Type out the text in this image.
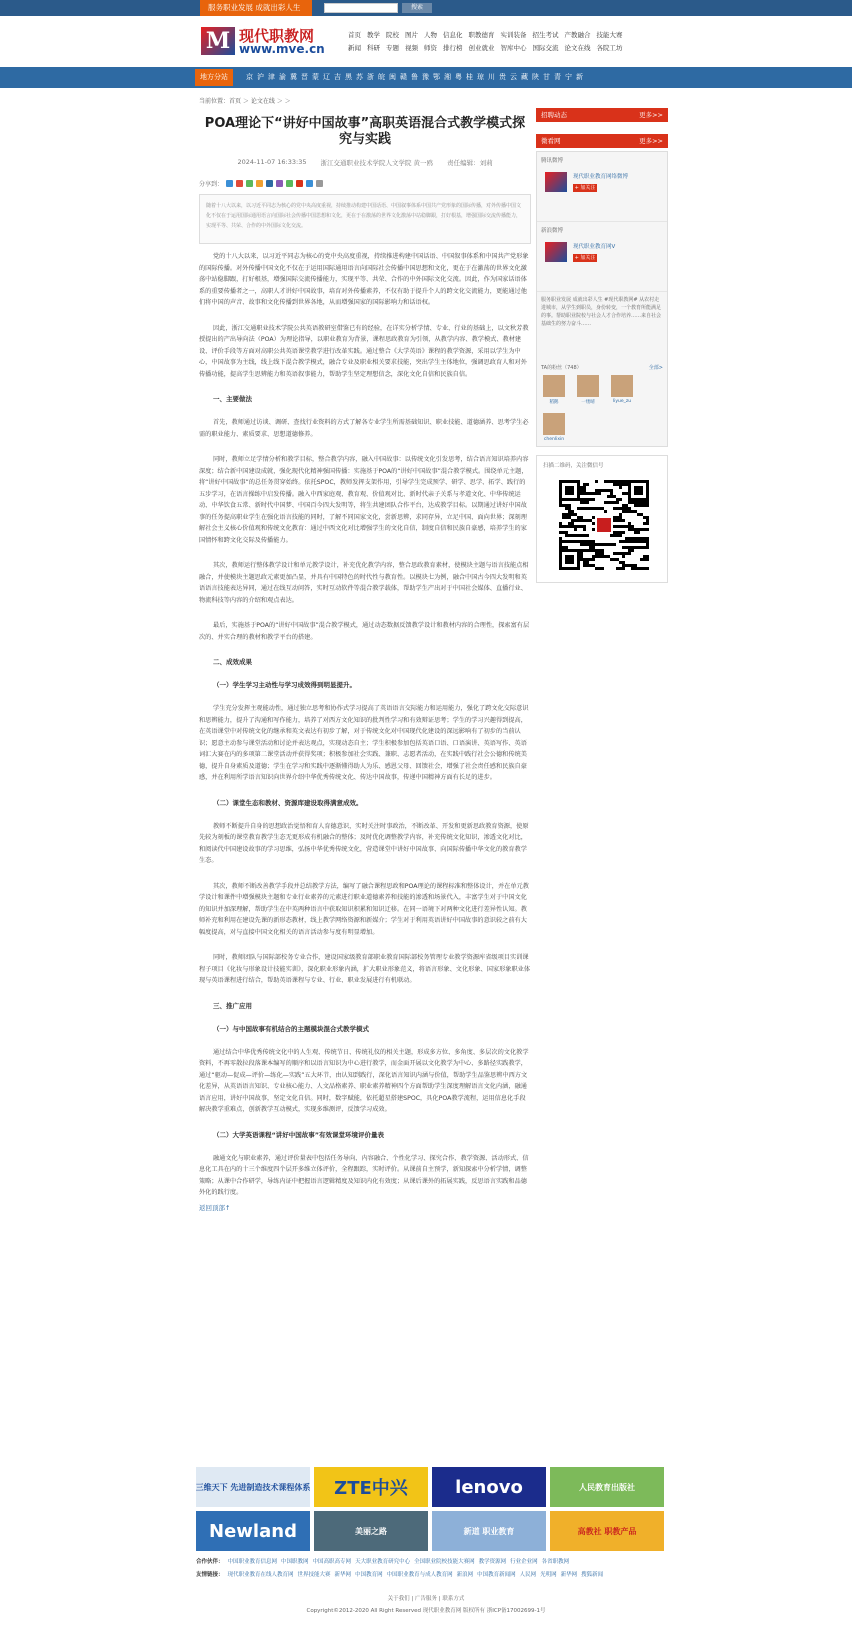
服务职业发展 成就出彩人生	搜索
M 现代职教网
www.mve.cn
首页 教学 院校 图片 人物 信息化 职教德育 实训装备 招生考试 产教融合 技能大赛
新闻 科研 专题 视频 师资 排行榜 创业就业 智库中心 国际交流 论文在线 各院工坊
地方分站	京 沪 津 渝 冀 晋 蒙 辽 吉 黑 苏 浙 皖 闽 赣 鲁 豫 鄂 湘 粤 桂 琼 川 贵 云 藏 陕 甘 青 宁 新
当前位置：首页 ＞ 论文在线 ＞ ＞
POA理论下“讲好中国故事”高职英语混合式教学模式探究与实践
2024-11-07 16:33:35 浙江交通职业技术学院人文学院 黄一鸥 责任编辑：刘莉
分享到：
随着十八大以来，以习近平同志为核心的党中央高度重视，持续推动构建中国话语、中国叙事体系中国共产党形象的国际传播，对外传播中国文化不仅在于运用国际通用语言向国际社会传播中国思想和文化，更在于在激荡的世界文化激荡中站稳脚跟，打好根基，增强国际交流传播能力，实现平等、共荣、合作的中外国际文化交流。
党的十八大以来，以习近平同志为核心的党中央高度重视，持续推进构建中国话语、中国叙事体系和中国共产党形象的国际传播。对外传播中国文化不仅在于运用国际通用语言向国际社会传播中国思想和文化，更在于在激荡的世界文化激荡中站稳脚跟，打好根基，增强国际交流传播能力，实现平等、共荣、合作的中外国际文化交流。因此，作为国家话语体系的重要传播者之一，高职人才讲好中国故事，培育对外传播素养，不仅有助于提升个人的跨文化交流能力，更能通过他们将中国的声音、故事和文化传播到世界各地，从而增强国家的国际影响力和话语权。
因此，浙江交通职业技术学院公共英语教研室借鉴已有的经验，在详实分析学情、专业、行业的基础上，以文秋芳教授提出的产出导向法（POA）为理论指导，以职业教育为背景，课程思政教育为引领，从教学内容、教学模式、教材建设、评价手段等方面对高职公共英语课堂教学进行改革实践。通过整合《大学英语》课程的教学资源，采用以学生为中心，中国故事为主线，线上线下混合教学模式，融合专业及职业相关要求技能，突出学生主体地位，强调思政育人和对外传播功能，提高学生思辨能力和英语叙事能力，帮助学生坚定理想信念，深化文化自信和民族自信。
一、主要做法
首先，教师通过访谈、调研、查找行业资料的方式了解各专业学生所需基础知识、职业技能、道德涵养、思考学生必需的职业能力、素质要求、思想道德修养。
同时，教师立足学情分析和教学目标，整合教学内容，融入中国故事：以传统文化引发思考，结合语言知识培养内容深度；结合新中国建设成就，强化现代化精神强国传播：实施基于POA的“讲好中国故事”混合教学模式。围绕单元主题，将“讲好中国故事”的总任务贯穿始终。依托SPOC，教师发挥支架作用，引导学生完成预学、研学、思学、拓学、践行的五步学习，在语言操练中启发传播。融入中西家庭观、教育观、价值观对比、新时代亲子关系与孝道文化、中华传统运动、中华饮食五常、新时代中国梦、中国百今四大发明等，将生共建团队合作平台，达成教学目标。以期通过讲好中国故事的任务提高职业学生在强化语言技能的同时，了解不同国家文化，尝新思辨，求同存异，立足中国、面向世界；深刻理解社会主义核心价值观和传统文化教育：通过中西文化对比增强学生的文化自信，制度自信和民族自豪感，培养学生的家国情怀和跨文化交际及传播能力。
其次，教师运行整体教学设计和单元教学设计，补充优化教学内容，整合思政教育素材，使模块主题与语言技能点相融合，并使模块主题思政元素更加凸显，并具有中国特色的时代性与教育性。以模块七为例，融合中国古今四大发明和英语语言技能表达异同，通过在线互动问答，实时互动软件等混合教学载体，帮助学生产出对于中国社会媒体、直播行业、物流科技等内容的介绍和观点表达。
最后，实施基于POA的“讲好中国故事”混合教学模式，通过动态数据反馈教学设计和教材内容的合理性，探索富有层次的、并实合理的教材和教学平台的搭建。
二、成效成果
（一）学生学习主动性与学习成效得到明显提升。
学生充分发挥主观能动性，通过独立思考和协作式学习提高了英语语言交际能力和运用能力，强化了跨文化交际意识和思辨能力，提升了沟通和写作能力，培养了对西方文化知识的批判性学习和有效辩证思考；学生的学习兴趣得到提高，在英语课堂中对传统文化的继承和英文表达有初步了解，对于传统文化对中国现代化建设的深远影响有了初步的当前认识；愿意主动参与课堂活动和讨论并表达观点，实现动态自主；学生积极参加包括英语口语、口语演讲、英语写作、英语词汇大赛在内的多项第二课堂活动并获得奖项；积极参加社会实践、兼职、志愿者活动，在实践中践行社会公德和传统美德，提升自身素质及道德；学生在学习和实践中逐渐懂得助人为乐、感恩父母、回馈社会，增强了社会责任感和民族自豪感，并在利用所学语言知识向世界介绍中华优秀传统文化、传达中国故事，传递中国精神方面有长足的进步。
（二）课堂生态和教材、资源库建设取得满意成效。
教师不断提升自身的思想政治觉悟和育人育德意识，实时关注时事政治，不断改革、开发和更新思政教育资源，使原先较为刻板的课堂教育教学生态无更形成有机融合的整体；及时优化调整教学内容，补充传统文化知识，渗透文化对比，和阅读代中国建设故事的学习思维，弘扬中华优秀传统文化，营造课堂中讲好中国故事、向国际传播中华文化的教育教学生态。
其次，教师不断改善教学手段并总结教学方法，编写了融合课程思政和POA理论的课程标准和整体设计，并在单元教学设计和课件中增强模块主题和专业行业素养的元素进行职业道德素养和技能的渗透和场景代入，丰富学生对于中国文化的知识并加深理解，帮助学生在中英两种语言中获取知识积累和知识迁移。在同一语境下对两种文化进行差异性认知。教师补充和利用在建设先课的新形态教材，线上教学网络资源和新媒介；学生对于利用英语讲好中国故事的意识较之前有大幅度提高，对与直接中国文化相关的语言活动参与度有明显增加。
同时，教师团队与国际部校务专业合作，建设国家级教育部职业教育国际部校务管理专业教学资源库省级项目实训课程子项目《化妆与形象设计技能实训》，深化职业形象内涵，扩大职业形象范义，将语言形象、文化形象、国家形象职业体现与英语课程进行结合，帮助英语课程与专业、行业、职业发展进行有机联动。
三、推广应用
（一）与中国故事有机结合的主题模块混合式教学模式
通过结合中华优秀传统文化中的人生观、传统节日、传统礼仪的相关主题，形成多方位、多角度、多层次的文化教学资料，不再零散拉段落课本编写的顺序和以语言知识为中心进行教学，而金面开展以文化教学为中心、多路径实践教学，通过“驱动—促成—评价—练化—实践”五大环节，由认知到践行，深化语言知识内涵与价值，帮助学生品鉴思辨中西方文化差异，从英语语言知识、专业核心能力、人文品格素养、职业素养精神四个方面帮助学生深度理解语言文化内涵，融通语言应用，讲好中国故事，坚定文化自信。同时，数字赋能，依托超星搭建SPOC，具化POA教学流程，运用信息化手段解决教学重难点，创新教学互动模式，实现多维测评，反馈学习成效。
（二）大学英语课程“讲好中国故事”有效课堂环境评价量表
融通文化与职业素养，通过评价量表中包括任务导向、内容融合、个性化学习、探究合作、教学资源、活动形式、信息化工具在内的十三个维度四个层开多维立体评价，全程跟踪，实时评价。从课前自主预学，新知探索中分析学情，调整策略；从课中合作研学，导练内证中把握语言逻辑精度及知识内化有效度；从课后课外的拓展实践，反思语言实践和品德外化的践行度。
返回顶部↑
招聘动态	更多>>
微看网	更多>>
腾讯微博
现代职业教育网络微博
+ 加关注
新浪微博
现代职业教育网V
+ 加关注
服务职业发展 成就出彩人生 #现代职教网# 从农村走进城市，从学生到职员，身份转变，一个教育所能满足的事。帮助职业院校与社会人才合作培养……来自社会基础生的努力奋斗……
TA的粉丝（748）	全部>
稻鹅	一缕晴	liyue_zu
chenlixin
扫描二维码，关注微信号
三维天下 先进制造技术课程体系	ZTE中兴	lenovo	人民教育出版社
Newland	美丽之路	新道 职业教育	高教社 职教产品
合作伙伴： 中国职业教育信息网 中国职教网 中国高职高专网 天大职业教育研究中心 全国职业院校技能大赛网 教学资源网 行业企业网 各省职教网
友情链接： 现代职业教育在线人教育网 世界技能大赛 新华网 中国教育网 中国职业教育与成人教育网 新浪网 中国教育新闻网 人民网 光明网 新华网 搜狐新闻
关于我们 | 广告服务 | 联系方式
Copyright©2012-2020 All Right Reserved 现代职业教育网 版权所有 浙ICP备17002699-1号
